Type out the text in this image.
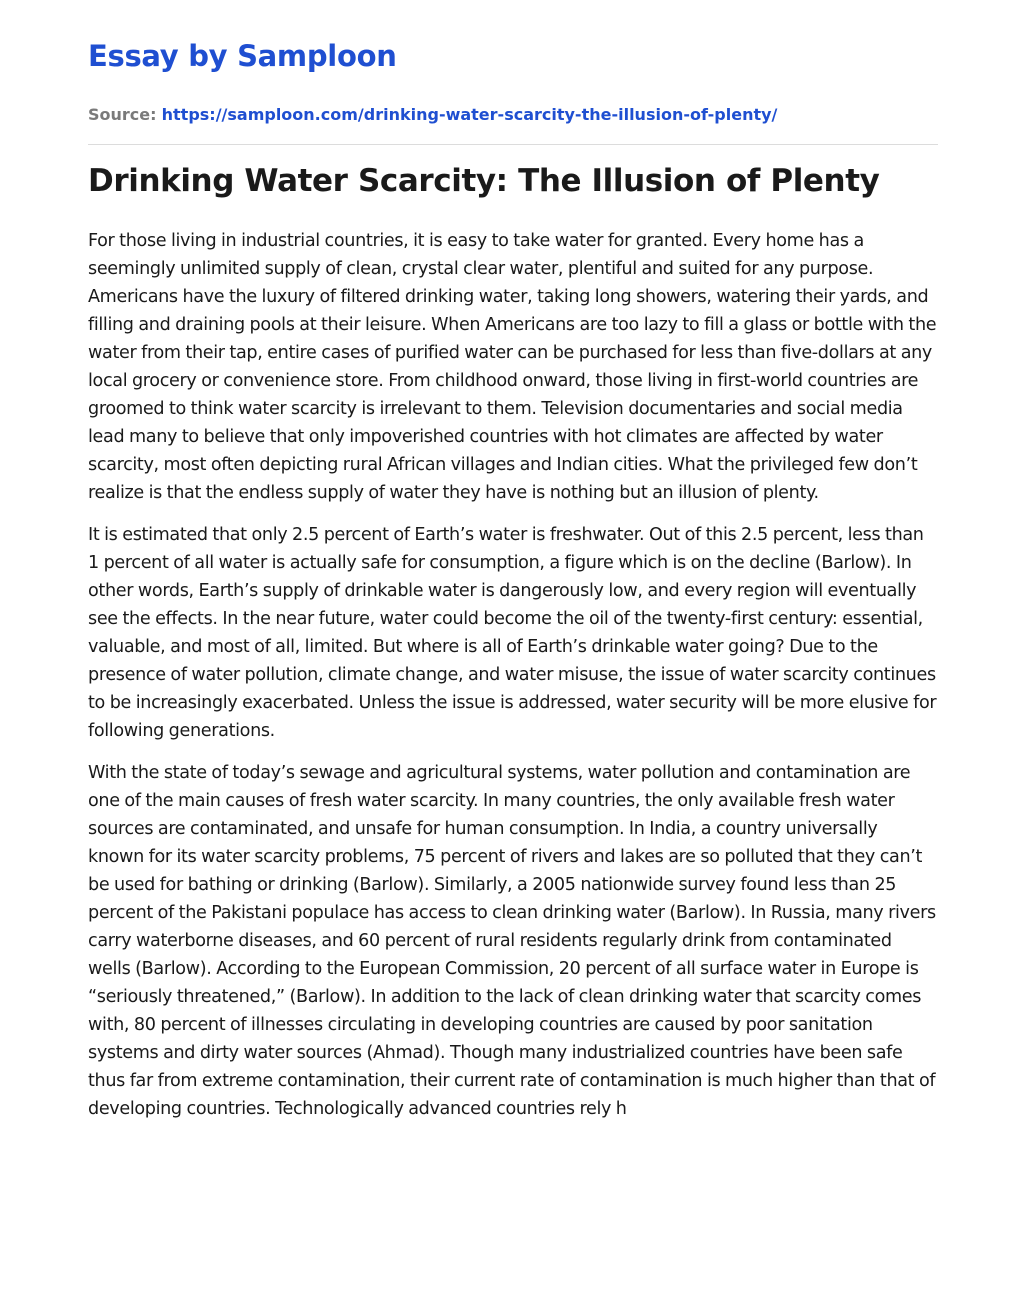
Essay by Samploon
Source: https://samploon.com/drinking-water-scarcity-the-illusion-of-plenty/
Drinking Water Scarcity: The Illusion of Plenty

For those living in industrial countries, it is easy to take water for granted. Every home has a seemingly unlimited supply of clean, crystal clear water, plentiful and suited for any purpose. Americans have the luxury of filtered drinking water, taking long showers, watering their yards, and filling and draining pools at their leisure. When Americans are too lazy to fill a glass or bottle with the water from their tap, entire cases of purified water can be purchased for less than five-dollars at any local grocery or convenience store. From childhood onward, those living in first-world countries are groomed to think water scarcity is irrelevant to them. Television documentaries and social media lead many to believe that only impoverished countries with hot climates are affected by water scarcity, most often depicting rural African villages and Indian cities. What the privileged few don’t realize is that the endless supply of water they have is nothing but an illusion of plenty.

It is estimated that only 2.5 percent of Earth’s water is freshwater. Out of this 2.5 percent, less than 1 percent of all water is actually safe for consumption, a figure which is on the decline (Barlow). In other words, Earth’s supply of drinkable water is dangerously low, and every region will eventually see the effects. In the near future, water could become the oil of the twenty-first century: essential, valuable, and most of all, limited. But where is all of Earth’s drinkable water going? Due to the presence of water pollution, climate change, and water misuse, the issue of water scarcity continues to be increasingly exacerbated. Unless the issue is addressed, water security will be more elusive for following generations.

With the state of today’s sewage and agricultural systems, water pollution and contamination are one of the main causes of fresh water scarcity. In many countries, the only available fresh water sources are contaminated, and unsafe for human consumption. In India, a country universally known for its water scarcity problems, 75 percent of rivers and lakes are so polluted that they can’t be used for bathing or drinking (Barlow). Similarly, a 2005 nationwide survey found less than 25 percent of the Pakistani populace has access to clean drinking water (Barlow). In Russia, many rivers carry waterborne diseases, and 60 percent of rural residents regularly drink from contaminated wells (Barlow). According to the European Commission, 20 percent of all surface water in Europe is “seriously threatened,” (Barlow). In addition to the lack of clean drinking water that scarcity comes with, 80 percent of illnesses circulating in developing countries are caused by poor sanitation systems and dirty water sources (Ahmad). Though many industrialized countries have been safe thus far from extreme contamination, their current rate of contamination is much higher than that of developing countries. Technologically advanced countries rely h
